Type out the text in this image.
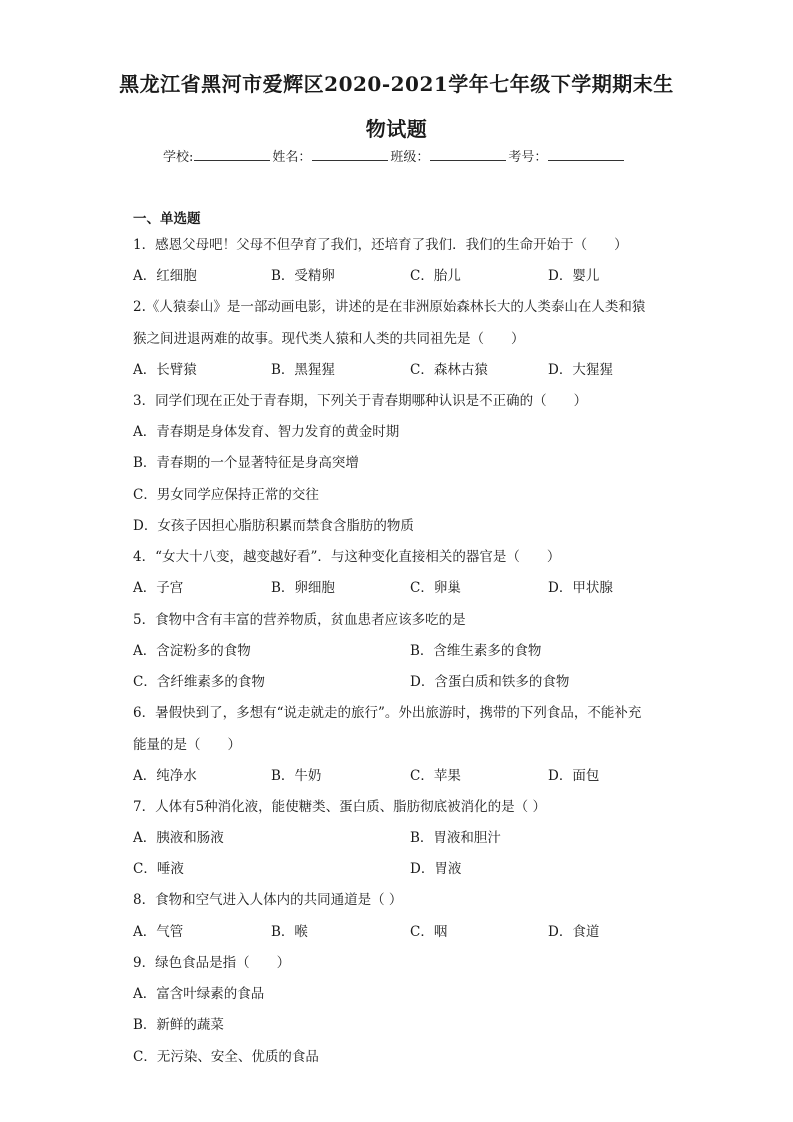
黑龙江省黑河市爱辉区2020-2021学年七年级下学期期末生
物试题
学校:	姓名：	班级：	考号：
一、单选题
1．感恩父母吧！父母不但孕育了我们，还培育了我们．我们的生命开始于（　　）
A．红细胞	B．受精卵	C．胎儿	D．婴儿
2.《人猿泰山》是一部动画电影，讲述的是在非洲原始森林长大的人类泰山在人类和猿
猴之间进退两难的故事。现代类人猿和人类的共同祖先是（　　）
A．长臂猿	B．黑猩猩	C．森林古猿	D．大猩猩
3．同学们现在正处于青春期，下列关于青春期哪种认识是不正确的（　　）
A．青春期是身体发育、智力发育的黄金时期
B．青春期的一个显著特征是身高突增
C．男女同学应保持正常的交往
D．女孩子因担心脂肪积累而禁食含脂肪的物质
4．“女大十八变，越变越好看”．与这种变化直接相关的器官是（　　）
A．子宫	B．卵细胞	C．卵巢	D．甲状腺
5．食物中含有丰富的营养物质，贫血患者应该多吃的是
A．含淀粉多的食物	B．含维生素多的食物
C．含纤维素多的食物	D．含蛋白质和铁多的食物
6．暑假快到了，多想有“说走就走的旅行”。外出旅游时，携带的下列食品，不能补充
能量的是（　　）
A．纯净水	B．牛奶	C．苹果	D．面包
7．人体有5种消化液，能使糖类、蛋白质、脂肪彻底被消化的是（ ）
A．胰液和肠液	B．胃液和胆汁
C．唾液	D．胃液
8．食物和空气进入人体内的共同通道是（ ）
A．气管	B．喉	C．咽	D．食道
9．绿色食品是指（　　）
A．富含叶绿素的食品
B．新鲜的蔬菜
C．无污染、安全、优质的食品
